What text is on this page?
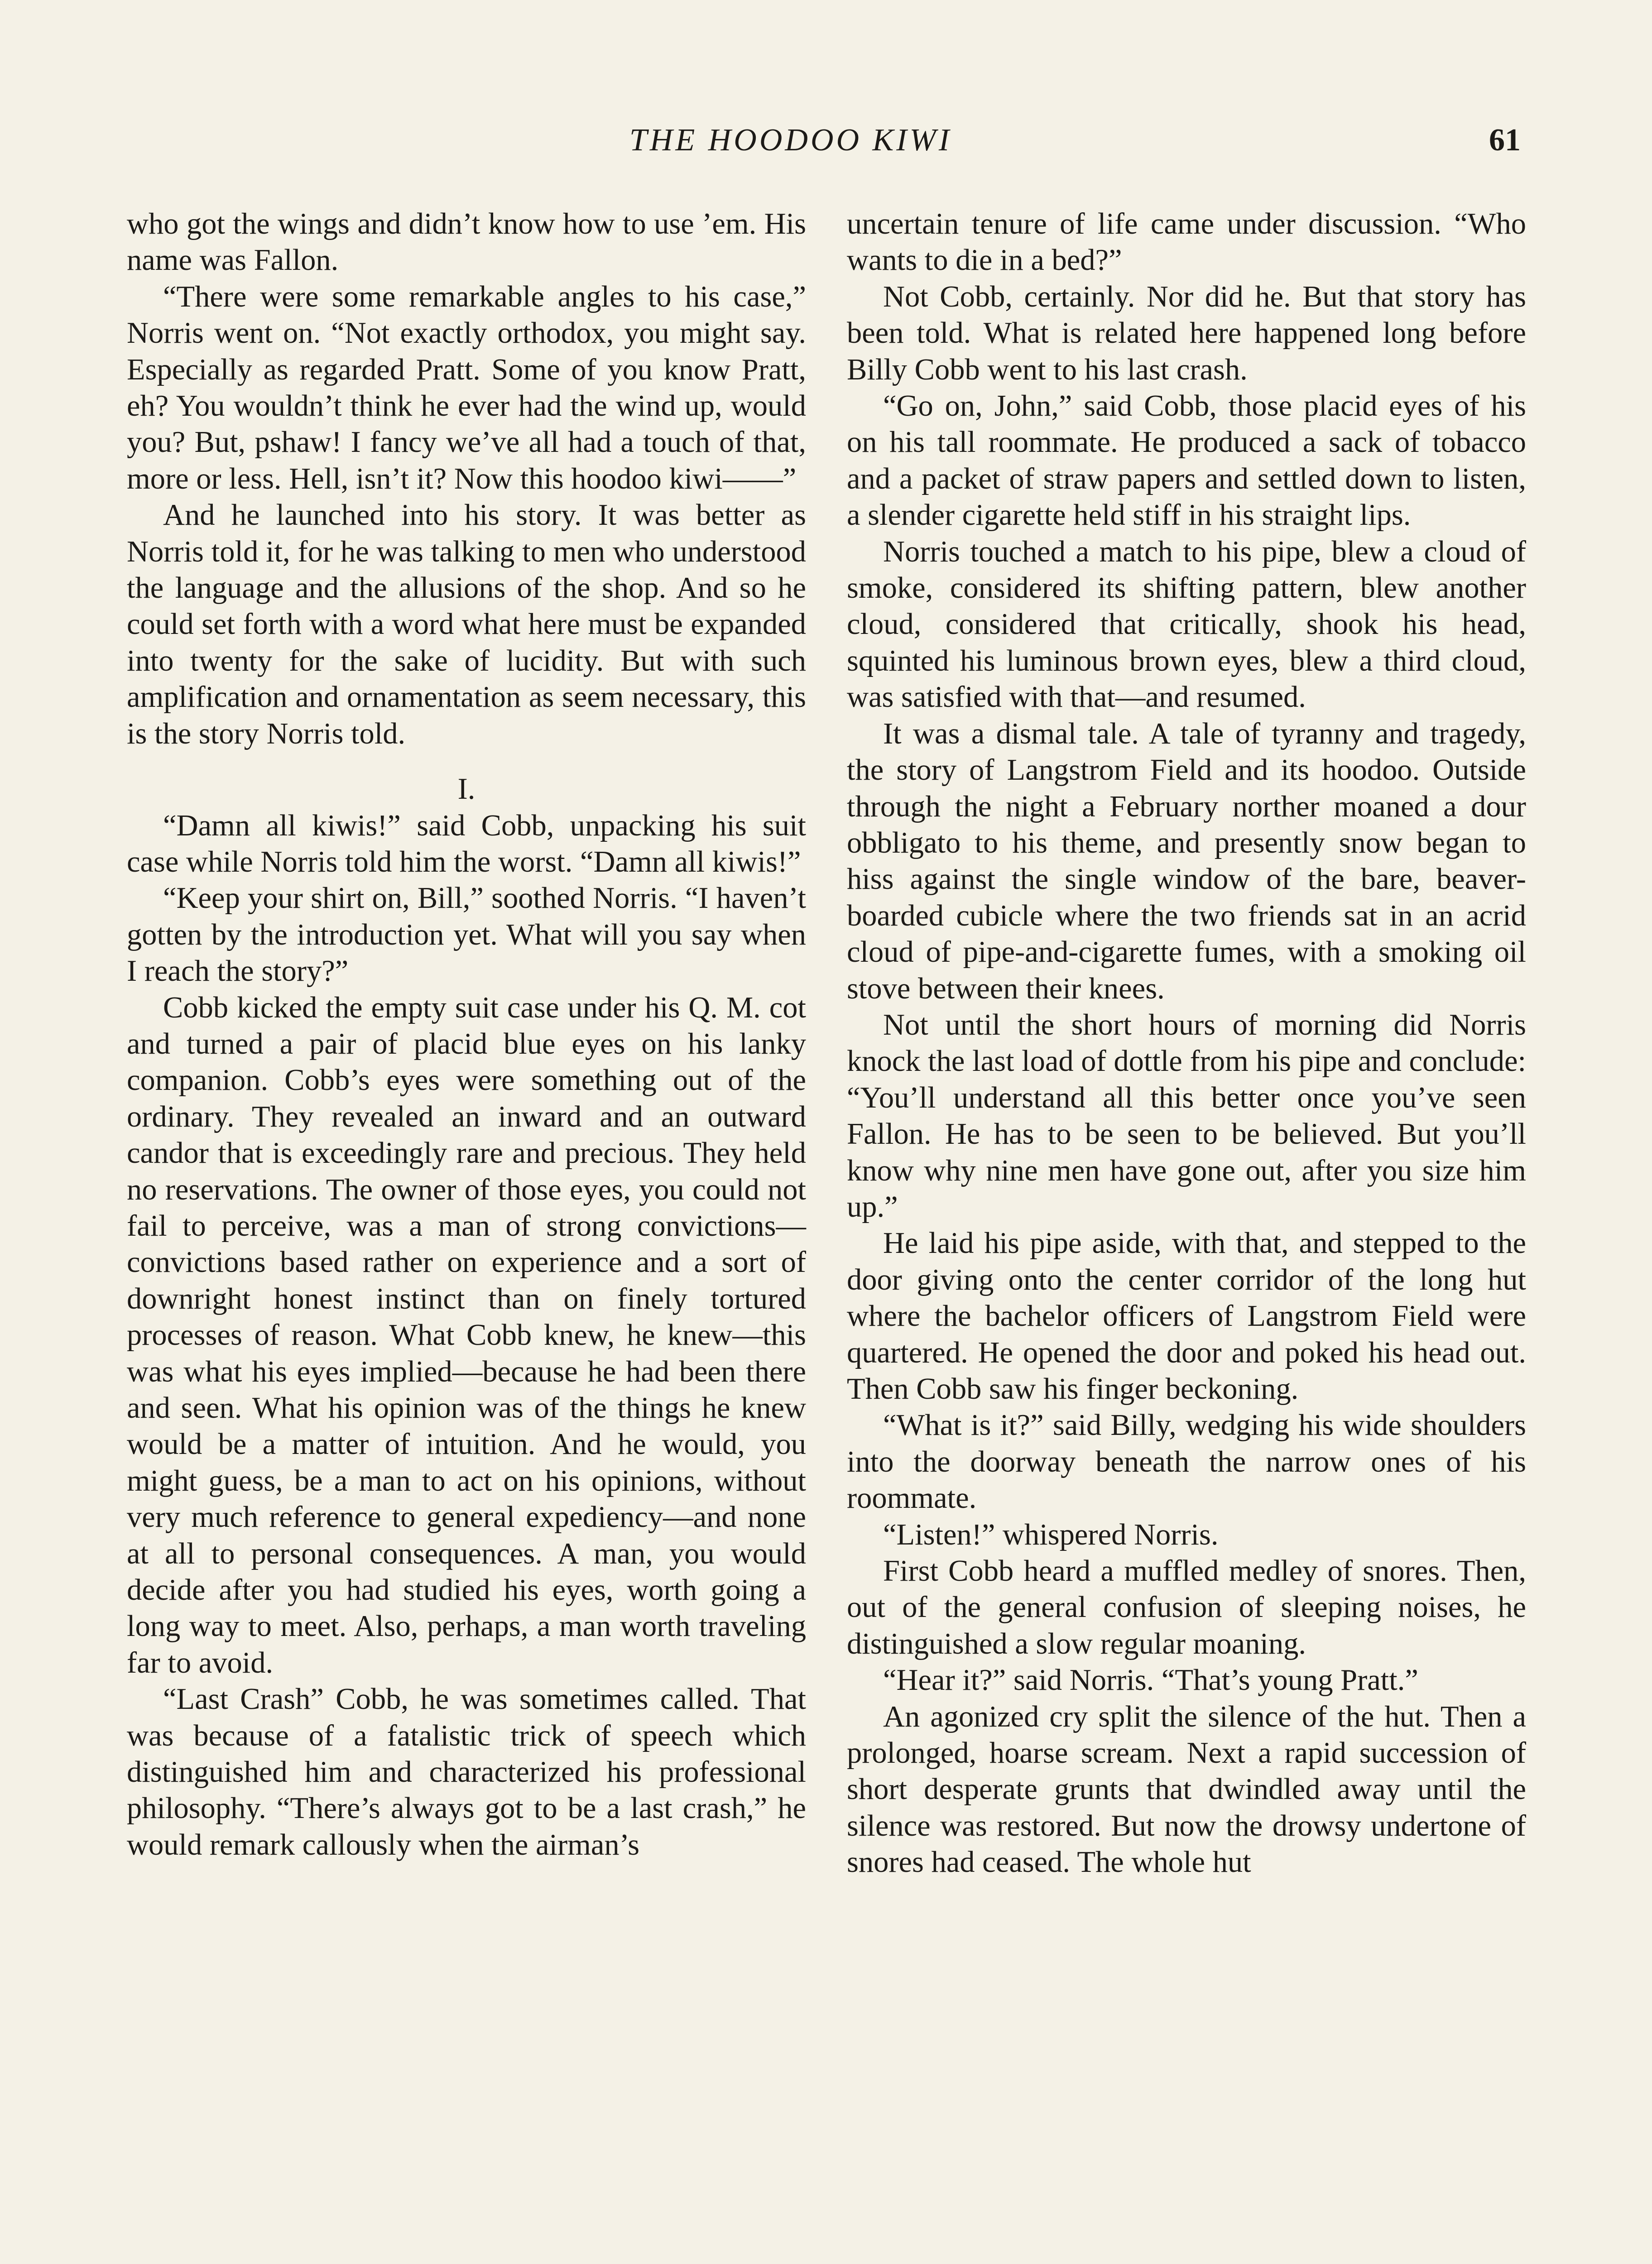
THE HOODOO KIWI	61

who got the wings and didn’t know how to use ’em. His name was Fallon.

“There were some remarkable angles to his case,” Norris went on. “Not exactly orthodox, you might say. Especially as regarded Pratt. Some of you know Pratt, eh? You wouldn’t think he ever had the wind up, would you? But, pshaw! I fancy we’ve all had a touch of that, more or less. Hell, isn’t it? Now this hoodoo kiwi——”

And he launched into his story. It was better as Norris told it, for he was talking to men who understood the language and the allusions of the shop. And so he could set forth with a word what here must be expanded into twenty for the sake of lucidity. But with such amplification and ornamentation as seem necessary, this is the story Norris told.

I.

“Damn all kiwis!” said Cobb, unpacking his suit case while Norris told him the worst. “Damn all kiwis!”

“Keep your shirt on, Bill,” soothed Norris. “I haven’t gotten by the introduction yet. What will you say when I reach the story?”

Cobb kicked the empty suit case under his Q. M. cot and turned a pair of placid blue eyes on his lanky companion. Cobb’s eyes were something out of the ordinary. They revealed an inward and an outward candor that is exceedingly rare and precious. They held no reservations. The owner of those eyes, you could not fail to perceive, was a man of strong convictions—convictions based rather on experience and a sort of downright honest instinct than on finely tortured processes of reason. What Cobb knew, he knew—this was what his eyes implied—because he had been there and seen. What his opinion was of the things he knew would be a matter of intuition. And he would, you might guess, be a man to act on his opinions, without very much reference to general expediency—and none at all to personal consequences. A man, you would decide after you had studied his eyes, worth going a long way to meet. Also, perhaps, a man worth traveling far to avoid.

“Last Crash” Cobb, he was sometimes called. That was because of a fatalistic trick of speech which distinguished him and characterized his professional philosophy. “There’s always got to be a last crash,” he would remark callously when the airman’s

uncertain tenure of life came under discussion. “Who wants to die in a bed?”

Not Cobb, certainly. Nor did he. But that story has been told. What is related here happened long before Billy Cobb went to his last crash.

“Go on, John,” said Cobb, those placid eyes of his on his tall roommate. He produced a sack of tobacco and a packet of straw papers and settled down to listen, a slender cigarette held stiff in his straight lips.

Norris touched a match to his pipe, blew a cloud of smoke, considered its shifting pattern, blew another cloud, considered that critically, shook his head, squinted his luminous brown eyes, blew a third cloud, was satisfied with that—and resumed.

It was a dismal tale. A tale of tyranny and tragedy, the story of Langstrom Field and its hoodoo. Outside through the night a February norther moaned a dour obbligato to his theme, and presently snow began to hiss against the single window of the bare, beaver-boarded cubicle where the two friends sat in an acrid cloud of pipe-and-cigarette fumes, with a smoking oil stove between their knees.

Not until the short hours of morning did Norris knock the last load of dottle from his pipe and conclude: “You’ll understand all this better once you’ve seen Fallon. He has to be seen to be believed. But you’ll know why nine men have gone out, after you size him up.”

He laid his pipe aside, with that, and stepped to the door giving onto the center corridor of the long hut where the bachelor officers of Langstrom Field were quartered. He opened the door and poked his head out. Then Cobb saw his finger beckoning.

“What is it?” said Billy, wedging his wide shoulders into the doorway beneath the narrow ones of his roommate.

“Listen!” whispered Norris.

First Cobb heard a muffled medley of snores. Then, out of the general confusion of sleeping noises, he distinguished a slow regular moaning.

“Hear it?” said Norris. “That’s young Pratt.”

An agonized cry split the silence of the hut. Then a prolonged, hoarse scream. Next a rapid succession of short desperate grunts that dwindled away until the silence was restored. But now the drowsy undertone of snores had ceased. The whole hut
